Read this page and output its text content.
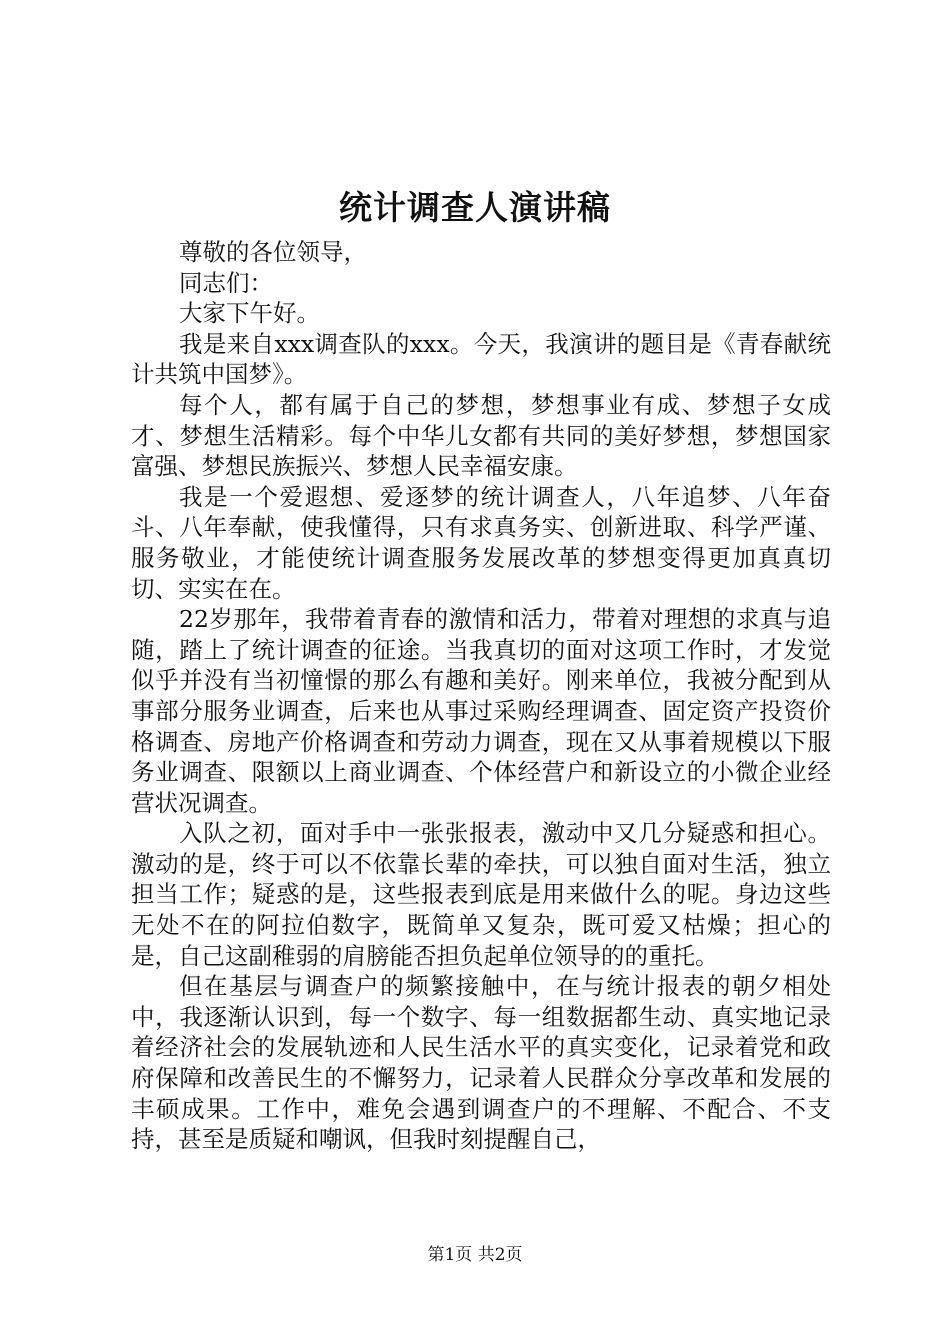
统计调查人演讲稿

尊敬的各位领导，

同志们：

大家下午好。

我是来自xxx调查队的xxx。今天，我演讲的题目是《青春献统计共筑中国梦》。

每个人，都有属于自己的梦想，梦想事业有成、梦想子女成才、梦想生活精彩。每个中华儿女都有共同的美好梦想，梦想国家富强、梦想民族振兴、梦想人民幸福安康。

我是一个爱遐想、爱逐梦的统计调查人，八年追梦、八年奋斗、八年奉献，使我懂得，只有求真务实、创新进取、科学严谨、服务敬业，才能使统计调查服务发展改革的梦想变得更加真真切切、实实在在。

22岁那年，我带着青春的激情和活力，带着对理想的求真与追随，踏上了统计调查的征途。当我真切的面对这项工作时，才发觉似乎并没有当初憧憬的那么有趣和美好。刚来单位，我被分配到从事部分服务业调查，后来也从事过采购经理调查、固定资产投资价格调查、房地产价格调查和劳动力调查，现在又从事着规模以下服务业调查、限额以上商业调查、个体经营户和新设立的小微企业经营状况调查。

入队之初，面对手中一张张报表，激动中又几分疑惑和担心。激动的是，终于可以不依靠长辈的牵扶，可以独自面对生活，独立担当工作；疑惑的是，这些报表到底是用来做什么的呢。身边这些无处不在的阿拉伯数字，既简单又复杂，既可爱又枯燥；担心的是，自己这副稚弱的肩膀能否担负起单位领导的的重托。

但在基层与调查户的频繁接触中，在与统计报表的朝夕相处中，我逐渐认识到，每一个数字、每一组数据都生动、真实地记录着经济社会的发展轨迹和人民生活水平的真实变化，记录着党和政府保障和改善民生的不懈努力，记录着人民群众分享改革和发展的丰硕成果。工作中，难免会遇到调查户的不理解、不配合、不支持，甚至是质疑和嘲讽，但我时刻提醒自己，

第1页 共2页
